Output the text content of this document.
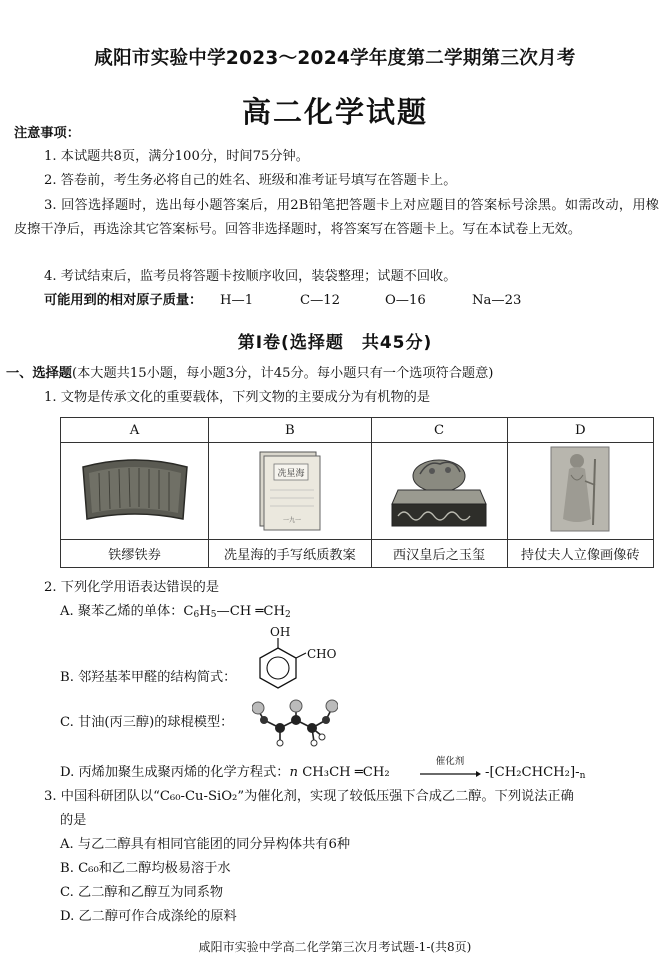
咸阳市实验中学2023～2024学年度第二学期第三次月考
高二化学试题
注意事项：
1. 本试题共8页，满分100分，时间75分钟。
2. 答卷前，考生务必将自己的姓名、班级和准考证号填写在答题卡上。
3. 回答选择题时，选出每小题答案后，用2B铅笔把答题卡上对应题目的答案标号涂黑。如需改动，用橡皮擦干净后，再选涂其它答案标号。回答非选择题时，将答案写在答题卡上。写在本试卷上无效。
4. 考试结束后，监考员将答题卡按顺序收回，装袋整理；试题不回收。
可能用到的相对原子质量： H—1	C—12	O—16	Na—23
第Ⅰ卷(选择题　共45分)
一、选择题(本大题共15小题，每小题3分，计45分。每小题只有一个选项符合题意)
1. 文物是传承文化的重要载体，下列文物的主要成分为有机物的是
A	B	C	D

冼星海
一九一

铁缪铁券	冼星海的手写纸质教案	西汉皇后之玉玺	持仗夫人立像画像砖
2. 下列化学用语表达错误的是
A. 聚苯乙烯的单体：$C_6H_5—CH$ $═CH_2$
B. 邻羟基苯甲醛的结构简式：
OH
CHO
C. 甘油(丙三醇)的球棍模型：
D. 丙烯加聚生成聚丙烯的化学方程式：n CH₃CH ═CH₂
催化剂
→ $-[CH_2CHCH_2]-_n$
3. 中国科研团队以“C₆₀-Cu-SiO₂”为催化剂，实现了较低压强下合成乙二醇。下列说法正确
的是
A. 与乙二醇具有相同官能团的同分异构体共有6种
B. C₆₀和乙二醇均极易溶于水
C. 乙二醇和乙醇互为同系物
D. 乙二醇可作合成涤纶的原料
咸阳市实验中学高二化学第三次月考试题-1-(共8页)
